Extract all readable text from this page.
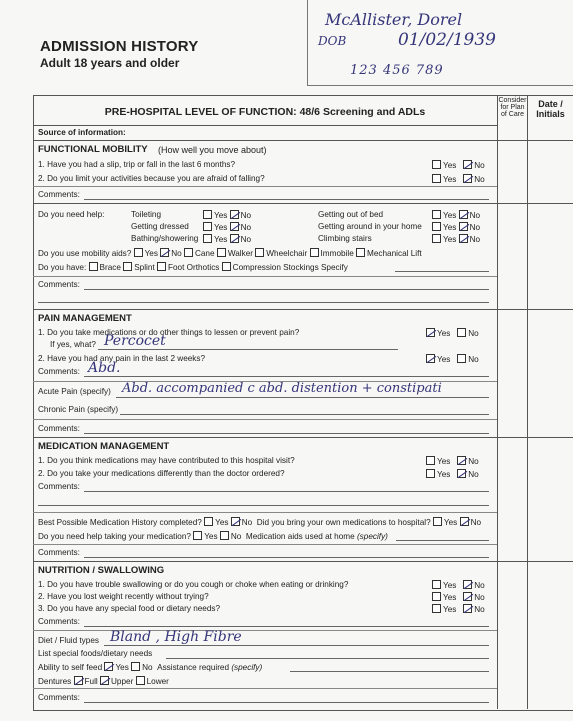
ADMISSION HISTORY
Adult 18 years and older
McAllister, Dorel
DOB	01/02/1939
123 456 789
PRE-HOSPITAL LEVEL OF FUNCTION: 48/6 Screening and ADLs
Consider for Plan of Care
Date / Initials
Source of information:
FUNCTIONAL MOBILITY (How well you move about)
1. Have you had a slip, trip or fall in the last 6 months?	Yes No
2. Do you limit your activities because you are afraid of falling?	Yes No
Comments:
Do you need help:	Toileting	Yes No
Getting dressed	Yes No
Bathing/showering	Yes No
Getting out of bed	Yes No
Getting around in your home	Yes No
Climbing stairs	Yes No
Do you use mobility aids? Yes No Cane Walker Wheelchair Immobile Mechanical Lift
Do you have: Brace Splint Foot Orthotics Compression Stockings Specify
Comments:
PAIN MANAGEMENT
1. Do you take medications or do other things to lessen or prevent pain?	Yes No
If yes, what? Percocet
2. Have you had any pain in the last 2 weeks?	Yes No
Comments: Abd.
Acute Pain (specify) Abd. accompanied c abd. distention + constipati
Chronic Pain (specify)
Comments:
MEDICATION MANAGEMENT
1. Do you think medications may have contributed to this hospital visit?	Yes No
2. Do you take your medications differently than the doctor ordered?	Yes No
Comments:
Best Possible Medication History completed? Yes No Did you bring your own medications to hospital? Yes No
Do you need help taking your medication? Yes No Medication aids used at home (specify)
Comments:
NUTRITION / SWALLOWING
1. Do you have trouble swallowing or do you cough or choke when eating or drinking?	Yes No
2. Have you lost weight recently without trying?	Yes No
3. Do you have any special food or dietary needs?	Yes No
Comments:
Diet / Fluid types Bland , High Fibre
List special foods/dietary needs
Ability to self feed Yes No Assistance required (specify)
Dentures Full Upper Lower
Comments:
